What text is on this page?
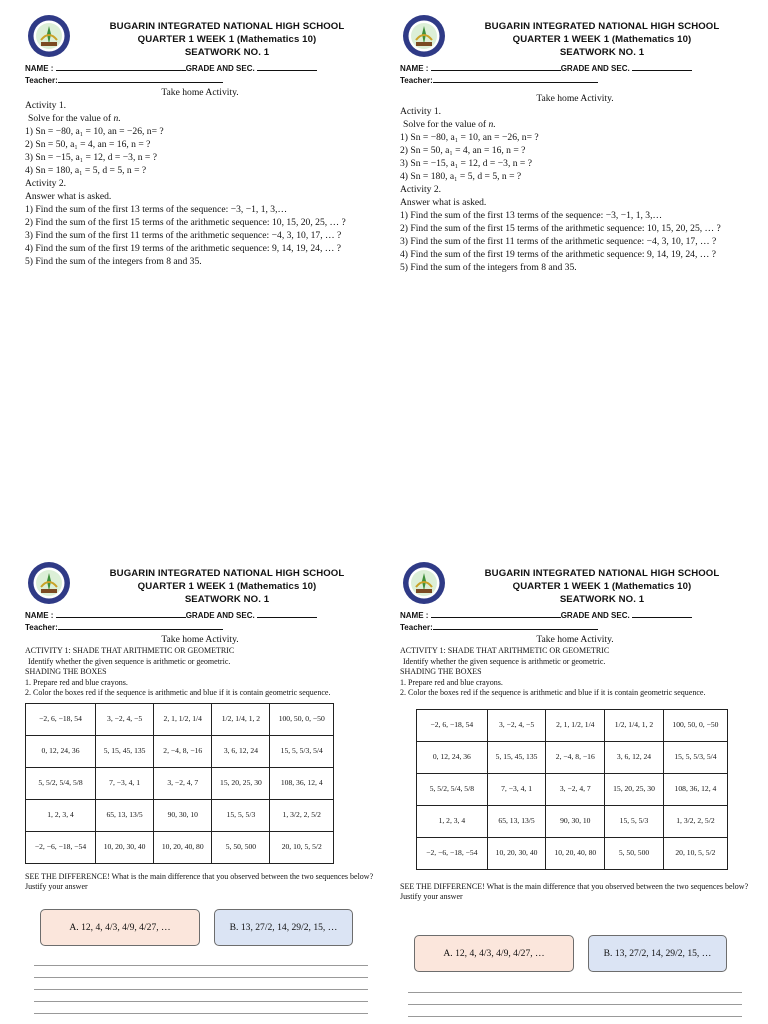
BUGARIN INTEGRATED NATIONAL HIGH SCHOOL
QUARTER 1 WEEK 1 (Mathematics 10)
SEATWORK NO. 1
NAME :	GRADE AND SEC.
Teacher:
Take home Activity.
Activity 1.
Solve for the value of n.
1) Sn = −80, a₁ = 10, an = −26, n= ?
2) Sn = 50, a₁ = 4, an = 16, n = ?
3) Sn = −15, a₁ = 12, d = −3, n = ?
4) Sn = 180, a₁ = 5, d = 5, n = ?
Activity 2.
Answer what is asked.
1) Find the sum of the first 13 terms of the sequence: −3, −1, 1, 3,…
2) Find the sum of the first 15 terms of the arithmetic sequence: 10, 15, 20, 25, … ?
3) Find the sum of the first 11 terms of the arithmetic sequence: −4, 3, 10, 17, … ?
4) Find the sum of the first 19 terms of the arithmetic sequence: 9, 14, 19, 24, … ?
5) Find the sum of the integers from 8 and 35.
BUGARIN INTEGRATED NATIONAL HIGH SCHOOL
QUARTER 1 WEEK 1 (Mathematics 10)
SEATWORK NO. 1
NAME :	GRADE AND SEC.
Teacher:
Take home Activity.
Activity 1.
Solve for the value of n.
1) Sn = −80, a₁ = 10, an = −26, n= ?
2) Sn = 50, a₁ = 4, an = 16, n = ?
3) Sn = −15, a₁ = 12, d = −3, n = ?
4) Sn = 180, a₁ = 5, d = 5, n = ?
Activity 2.
Answer what is asked.
1) Find the sum of the first 13 terms of the sequence: −3, −1, 1, 3,…
2) Find the sum of the first 15 terms of the arithmetic sequence: 10, 15, 20, 25, … ?
3) Find the sum of the first 11 terms of the arithmetic sequence: −4, 3, 10, 17, … ?
4) Find the sum of the first 19 terms of the arithmetic sequence: 9, 14, 19, 24, … ?
5) Find the sum of the integers from 8 and 35.
BUGARIN INTEGRATED NATIONAL HIGH SCHOOL
QUARTER 1 WEEK 1 (Mathematics 10)
SEATWORK NO. 1
NAME :	GRADE AND SEC.
Teacher:
Take home Activity.
ACTIVITY 1: SHADE THAT ARITHMETIC OR GEOMETRIC
Identify whether the given sequence is arithmetic or geometric.
SHADING THE BOXES
1. Prepare red and blue crayons.
2. Color the boxes red if the sequence is arithmetic and blue if it is contain geometric sequence.
−2, 6, −18, 54	3, −2, 4, −5	2, 1, 1/2, 1/4	1/2, 1/4, 1, 2	100, 50, 0, −50
0, 12, 24, 36	5, 15, 45, 135	2, −4, 8, −16	3, 6, 12, 24	15, 5, 5/3, 5/4
5, 5/2, 5/4, 5/8	7, −3, 4, 1	3, −2, 4, 7	15, 20, 25, 30	108, 36, 12, 4
1, 2, 3, 4	65, 13, 13/5	90, 30, 10	15, 5, 5/3	1, 3/2, 2, 5/2
−2, −6, −18, −54	10, 20, 30, 40	10, 20, 40, 80	5, 50, 500	20, 10, 5, 5/2
SEE THE DIFFERENCE! What is the main difference that you observed between the two sequences below? Justify your answer
A. 12, 4, 4/3, 4/9, 4/27, …	B. 13, 27/2, 14, 29/2, 15, …
BUGARIN INTEGRATED NATIONAL HIGH SCHOOL
QUARTER 1 WEEK 1 (Mathematics 10)
SEATWORK NO. 1
NAME :	GRADE AND SEC.
Teacher:
Take home Activity.
ACTIVITY 1: SHADE THAT ARITHMETIC OR GEOMETRIC
Identify whether the given sequence is arithmetic or geometric.
SHADING THE BOXES
1. Prepare red and blue crayons.
2. Color the boxes red if the sequence is arithmetic and blue if it is contain geometric sequence.
−2, 6, −18, 54	3, −2, 4, −5	2, 1, 1/2, 1/4	1/2, 1/4, 1, 2	100, 50, 0, −50
0, 12, 24, 36	5, 15, 45, 135	2, −4, 8, −16	3, 6, 12, 24	15, 5, 5/3, 5/4
5, 5/2, 5/4, 5/8	7, −3, 4, 1	3, −2, 4, 7	15, 20, 25, 30	108, 36, 12, 4
1, 2, 3, 4	65, 13, 13/5	90, 30, 10	15, 5, 5/3	1, 3/2, 2, 5/2
−2, −6, −18, −54	10, 20, 30, 40	10, 20, 40, 80	5, 50, 500	20, 10, 5, 5/2
SEE THE DIFFERENCE! What is the main difference that you observed between the two sequences below? Justify your answer
A. 12, 4, 4/3, 4/9, 4/27, …	B. 13, 27/2, 14, 29/2, 15, …
